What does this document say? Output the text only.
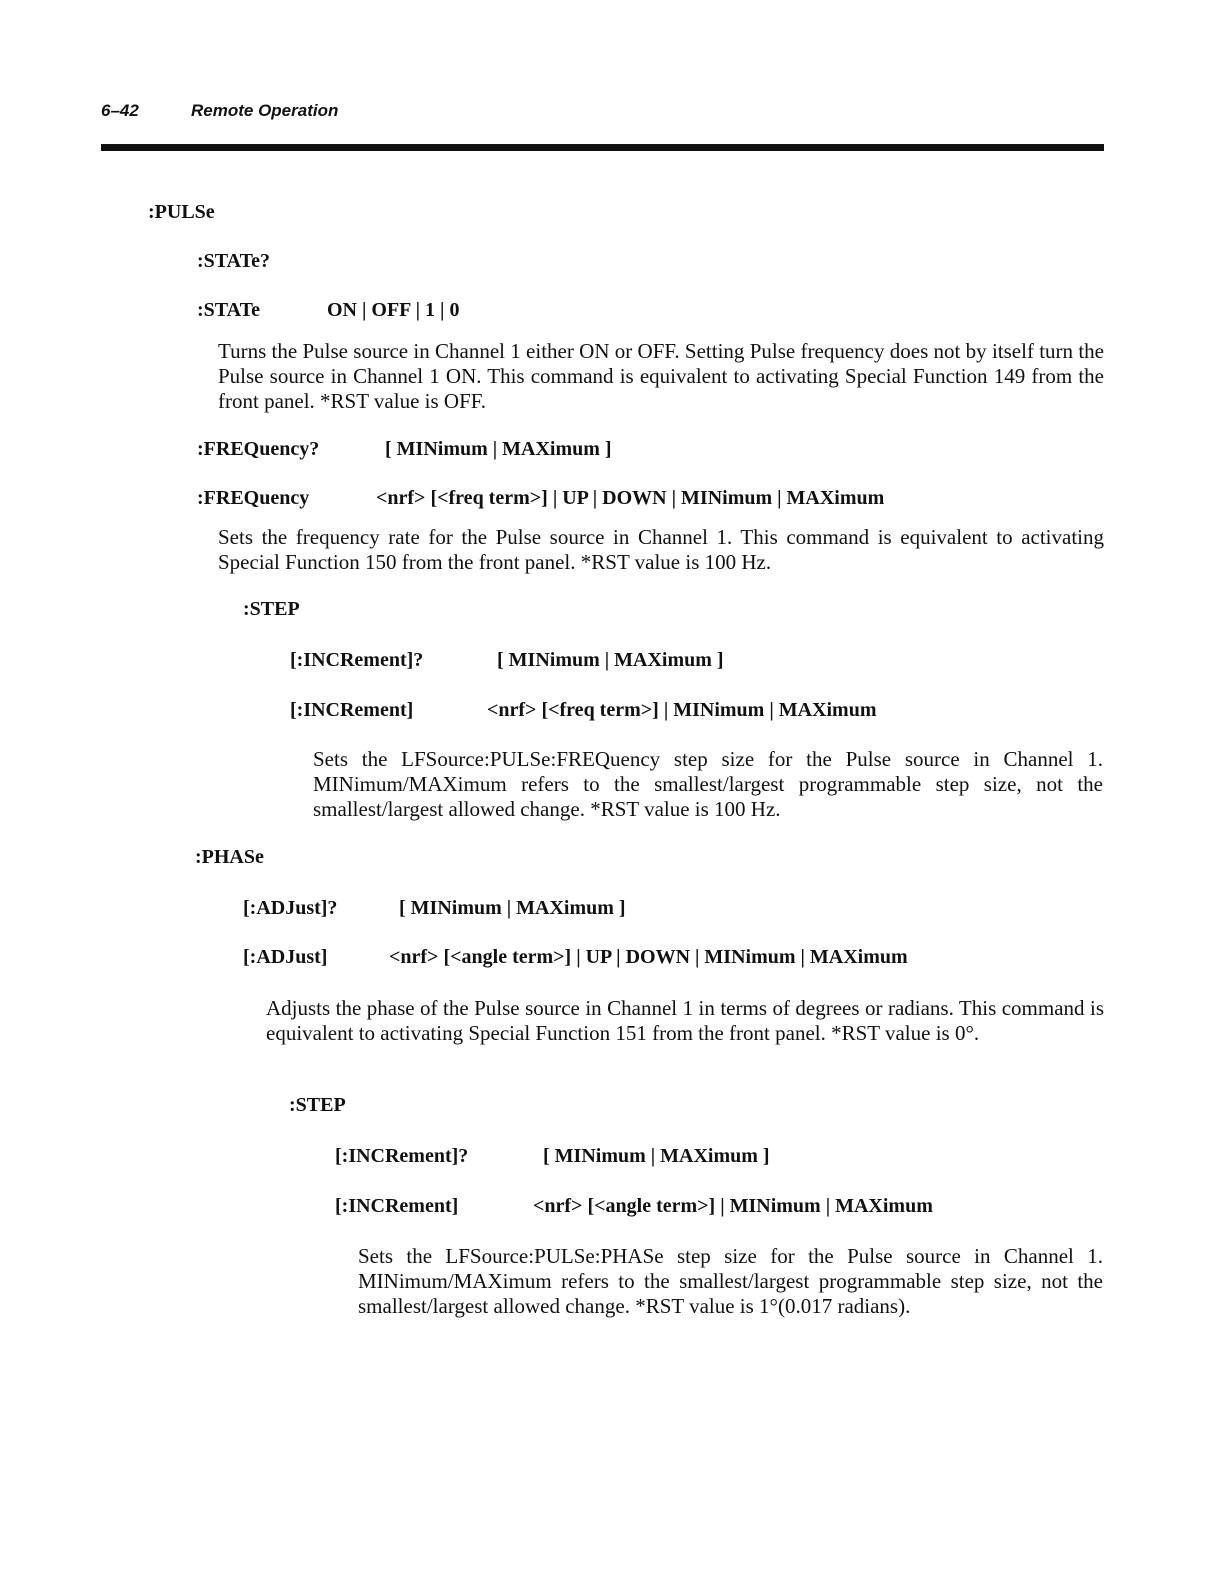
6–42	Remote Operation
:PULSe
:STATe?
:STATe	ON | OFF | 1 | 0

Turns the Pulse source in Channel 1 either ON or OFF. Setting Pulse frequency does not by itself turn the Pulse source in Channel 1 ON. This command is equivalent to activating Special Function 149 from the front panel. *RST value is OFF.

:FREQuency?	[ MINimum | MAXimum ]
:FREQuency	<nrf> [<freq term>] | UP | DOWN | MINimum | MAXimum

Sets the frequency rate for the Pulse source in Channel 1. This command is equivalent to activating Special Function 150 from the front panel. *RST value is 100 Hz.

:STEP
[:INCRement]?	[ MINimum | MAXimum ]
[:INCRement]	<nrf> [<freq term>] | MINimum | MAXimum

Sets the LFSource:PULSe:FREQuency step size for the Pulse source in Channel 1. MINimum/MAXimum refers to the smallest/largest programmable step size, not the smallest/largest allowed change. *RST value is 100 Hz.

:PHASe
[:ADJust]?	[ MINimum | MAXimum ]
[:ADJust]	<nrf> [<angle term>] | UP | DOWN | MINimum | MAXimum

Adjusts the phase of the Pulse source in Channel 1 in terms of degrees or radians. This command is equivalent to activating Special Function 151 from the front panel. *RST value is 0°.

:STEP
[:INCRement]?	[ MINimum | MAXimum ]
[:INCRement]	<nrf> [<angle term>] | MINimum | MAXimum

Sets the LFSource:PULSe:PHASe step size for the Pulse source in Channel 1. MINimum/MAXimum refers to the smallest/largest programmable step size, not the smallest/largest allowed change. *RST value is 1°(0.017 radians).
